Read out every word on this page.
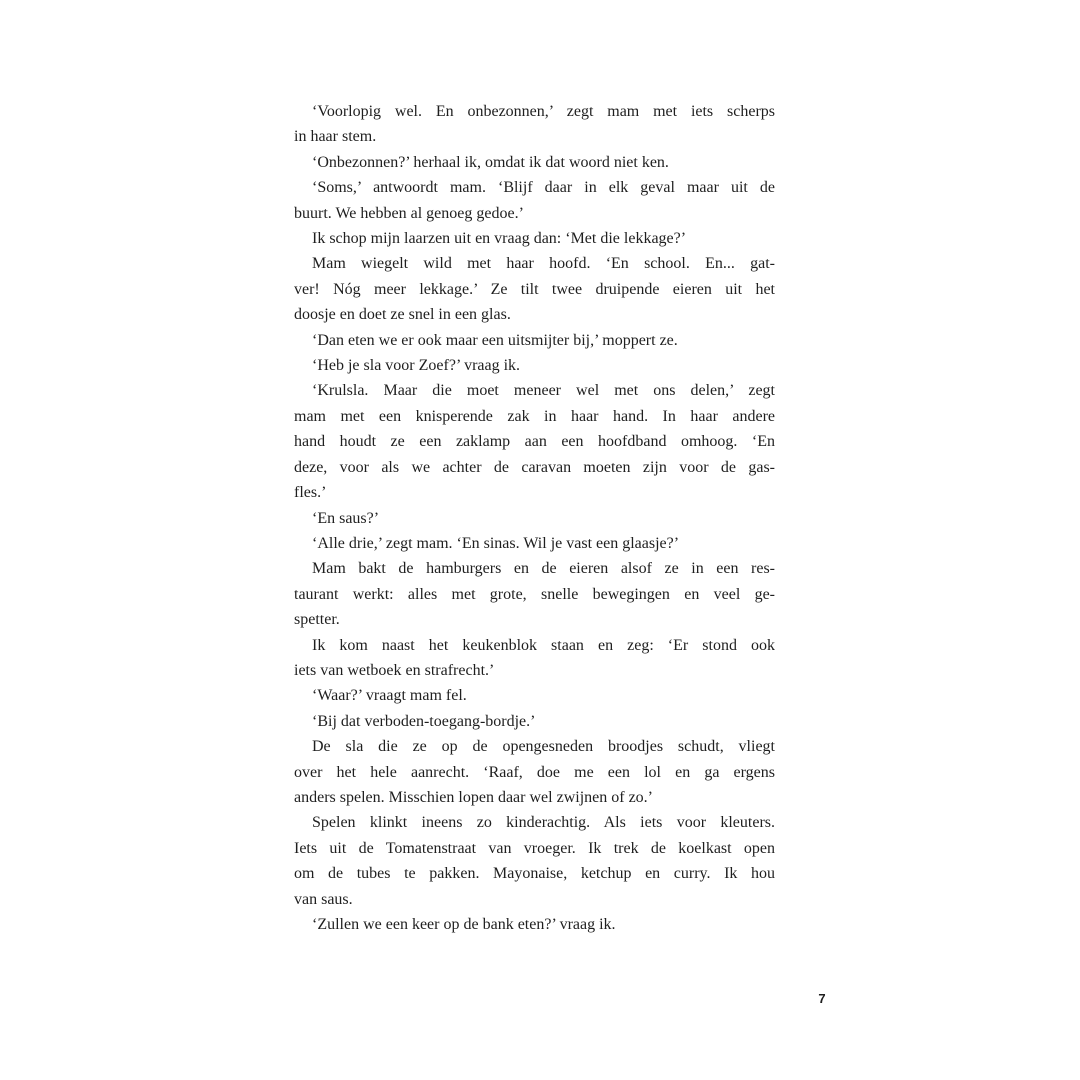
‘Voorlopig wel. En onbezonnen,’ zegt mam met iets scherps
in haar stem.
‘Onbezonnen?’ herhaal ik, omdat ik dat woord niet ken.
‘Soms,’ antwoordt mam. ‘Blijf daar in elk geval maar uit de
buurt. We hebben al genoeg gedoe.’
Ik schop mijn laarzen uit en vraag dan: ‘Met die lekkage?’
Mam wiegelt wild met haar hoofd. ‘En school. En... gat-
ver! Nóg meer lekkage.’ Ze tilt twee druipende eieren uit het
doosje en doet ze snel in een glas.
‘Dan eten we er ook maar een uitsmijter bij,’ moppert ze.
‘Heb je sla voor Zoef?’ vraag ik.
‘Krulsla. Maar die moet meneer wel met ons delen,’ zegt
mam met een knisperende zak in haar hand. In haar andere
hand houdt ze een zaklamp aan een hoofdband omhoog. ‘En
deze, voor als we achter de caravan moeten zijn voor de gas-
fles.’
‘En saus?’
‘Alle drie,’ zegt mam. ‘En sinas. Wil je vast een glaasje?’
Mam bakt de hamburgers en de eieren alsof ze in een res-
taurant werkt: alles met grote, snelle bewegingen en veel ge-
spetter.
Ik kom naast het keukenblok staan en zeg: ‘Er stond ook
iets van wetboek en strafrecht.’
‘Waar?’ vraagt mam fel.
‘Bij dat verboden-toegang-bordje.’
De sla die ze op de opengesneden broodjes schudt, vliegt
over het hele aanrecht. ‘Raaf, doe me een lol en ga ergens
anders spelen. Misschien lopen daar wel zwijnen of zo.’
Spelen klinkt ineens zo kinderachtig. Als iets voor kleuters.
Iets uit de Tomatenstraat van vroeger. Ik trek de koelkast open
om de tubes te pakken. Mayonaise, ketchup en curry. Ik hou
van saus.
‘Zullen we een keer op de bank eten?’ vraag ik.
7
